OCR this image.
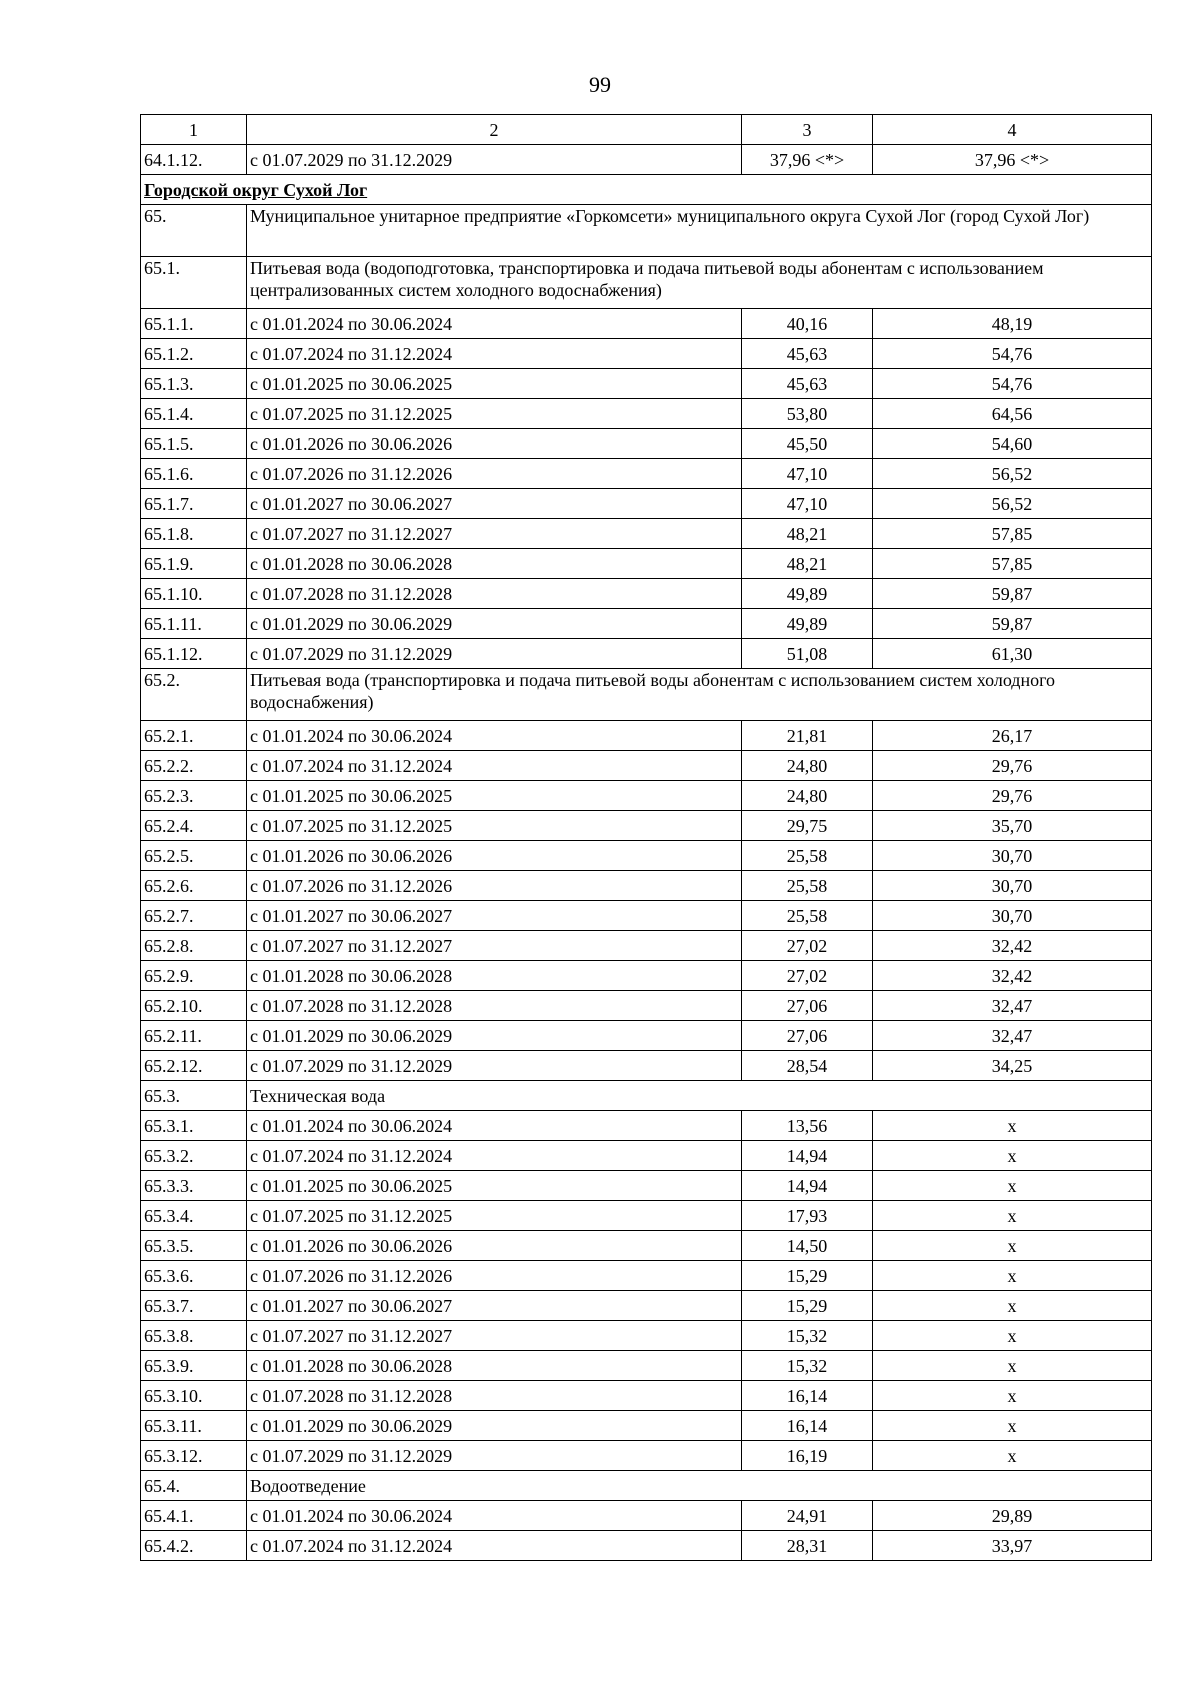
99
1	2	3	4
64.1.12.	с 01.07.2029 по 31.12.2029	37,96 <*>	37,96 <*>
Городской округ Сухой Лог			
65.	Муниципальное унитарное предприятие «Горкомсети» муниципального округа Сухой Лог (город Сухой Лог)		
65.1.	Питьевая вода (водоподготовка, транспортировка и подача питьевой воды абонентам с использованием централизованных систем холодного водоснабжения)		
65.1.1.	с 01.01.2024 по 30.06.2024	40,16	48,19
65.1.2.	с 01.07.2024 по 31.12.2024	45,63	54,76
65.1.3.	с 01.01.2025 по 30.06.2025	45,63	54,76
65.1.4.	с 01.07.2025 по 31.12.2025	53,80	64,56
65.1.5.	с 01.01.2026 по 30.06.2026	45,50	54,60
65.1.6.	с 01.07.2026 по 31.12.2026	47,10	56,52
65.1.7.	с 01.01.2027 по 30.06.2027	47,10	56,52
65.1.8.	с 01.07.2027 по 31.12.2027	48,21	57,85
65.1.9.	с 01.01.2028 по 30.06.2028	48,21	57,85
65.1.10.	с 01.07.2028 по 31.12.2028	49,89	59,87
65.1.11.	с 01.01.2029 по 30.06.2029	49,89	59,87
65.1.12.	с 01.07.2029 по 31.12.2029	51,08	61,30
65.2.	Питьевая вода (транспортировка и подача питьевой воды абонентам с использованием систем холодного водоснабжения)		
65.2.1.	с 01.01.2024 по 30.06.2024	21,81	26,17
65.2.2.	с 01.07.2024 по 31.12.2024	24,80	29,76
65.2.3.	с 01.01.2025 по 30.06.2025	24,80	29,76
65.2.4.	с 01.07.2025 по 31.12.2025	29,75	35,70
65.2.5.	с 01.01.2026 по 30.06.2026	25,58	30,70
65.2.6.	с 01.07.2026 по 31.12.2026	25,58	30,70
65.2.7.	с 01.01.2027 по 30.06.2027	25,58	30,70
65.2.8.	с 01.07.2027 по 31.12.2027	27,02	32,42
65.2.9.	с 01.01.2028 по 30.06.2028	27,02	32,42
65.2.10.	с 01.07.2028 по 31.12.2028	27,06	32,47
65.2.11.	с 01.01.2029 по 30.06.2029	27,06	32,47
65.2.12.	с 01.07.2029 по 31.12.2029	28,54	34,25
65.3.	Техническая вода		
65.3.1.	с 01.01.2024 по 30.06.2024	13,56	х
65.3.2.	с 01.07.2024 по 31.12.2024	14,94	х
65.3.3.	с 01.01.2025 по 30.06.2025	14,94	х
65.3.4.	с 01.07.2025 по 31.12.2025	17,93	х
65.3.5.	с 01.01.2026 по 30.06.2026	14,50	х
65.3.6.	с 01.07.2026 по 31.12.2026	15,29	х
65.3.7.	с 01.01.2027 по 30.06.2027	15,29	х
65.3.8.	с 01.07.2027 по 31.12.2027	15,32	х
65.3.9.	с 01.01.2028 по 30.06.2028	15,32	х
65.3.10.	с 01.07.2028 по 31.12.2028	16,14	х
65.3.11.	с 01.01.2029 по 30.06.2029	16,14	х
65.3.12.	с 01.07.2029 по 31.12.2029	16,19	х
65.4.	Водоотведение		
65.4.1.	с 01.01.2024 по 30.06.2024	24,91	29,89
65.4.2.	с 01.07.2024 по 31.12.2024	28,31	33,97
